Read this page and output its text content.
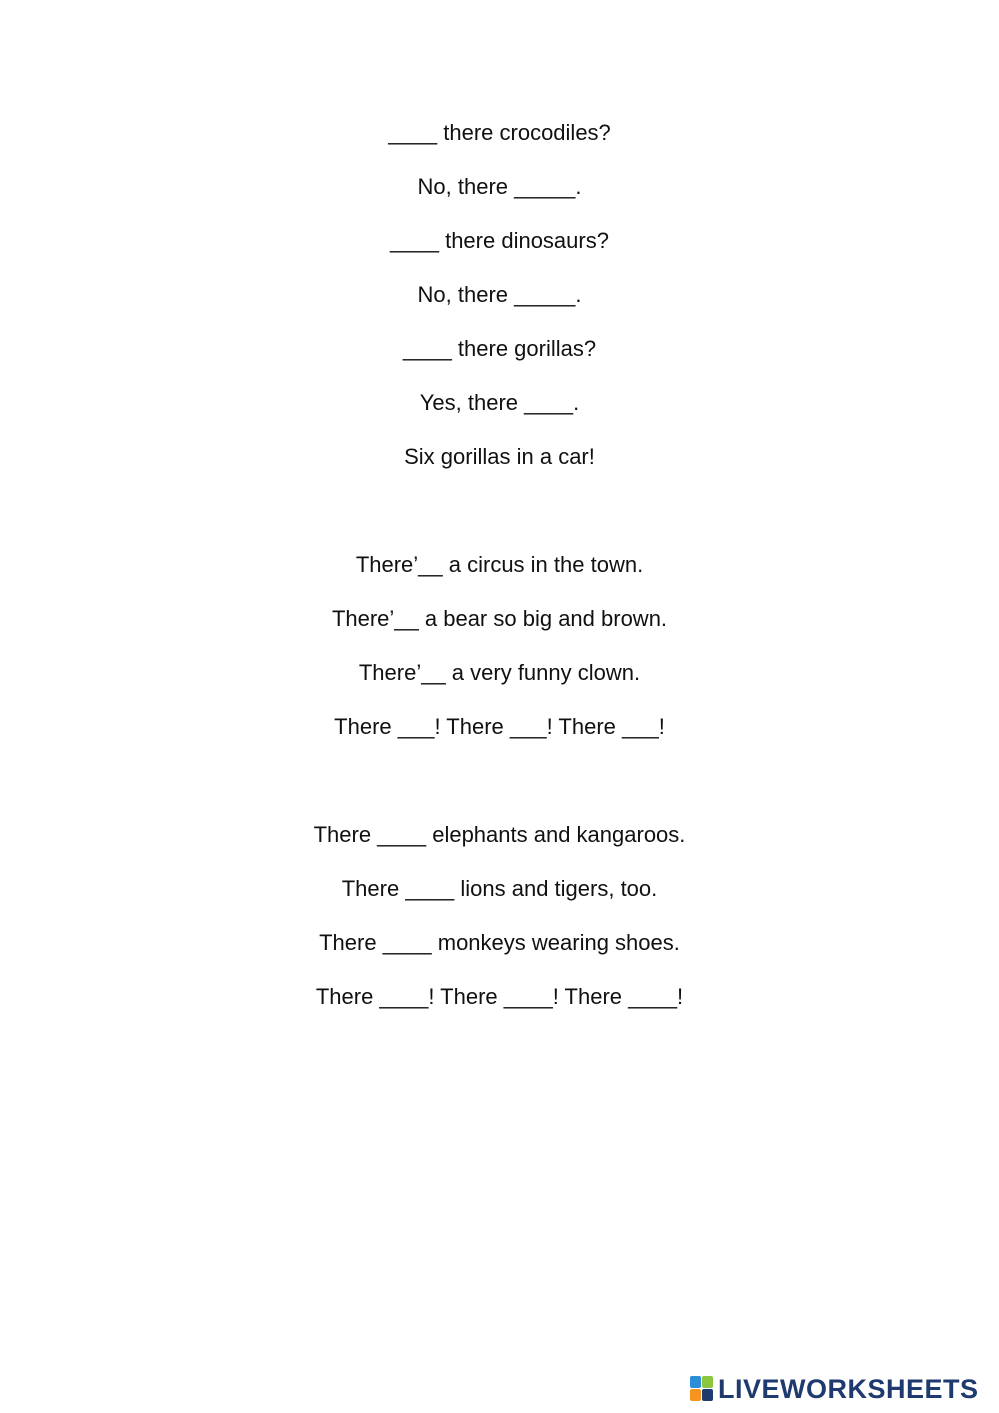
____ there crocodiles?
No, there _____.
____ there dinosaurs?
No, there _____.
____ there gorillas?
Yes, there ____.
Six gorillas in a car!
There’__ a circus in the town.
There’__ a bear so big and brown.
There’__ a very funny clown.
There ___! There ___! There ___!
There ____ elephants and kangaroos.
There ____ lions and tigers, too.
There ____ monkeys wearing shoes.
There ____! There ____! There ____!
LIVEWORKSHEETS
